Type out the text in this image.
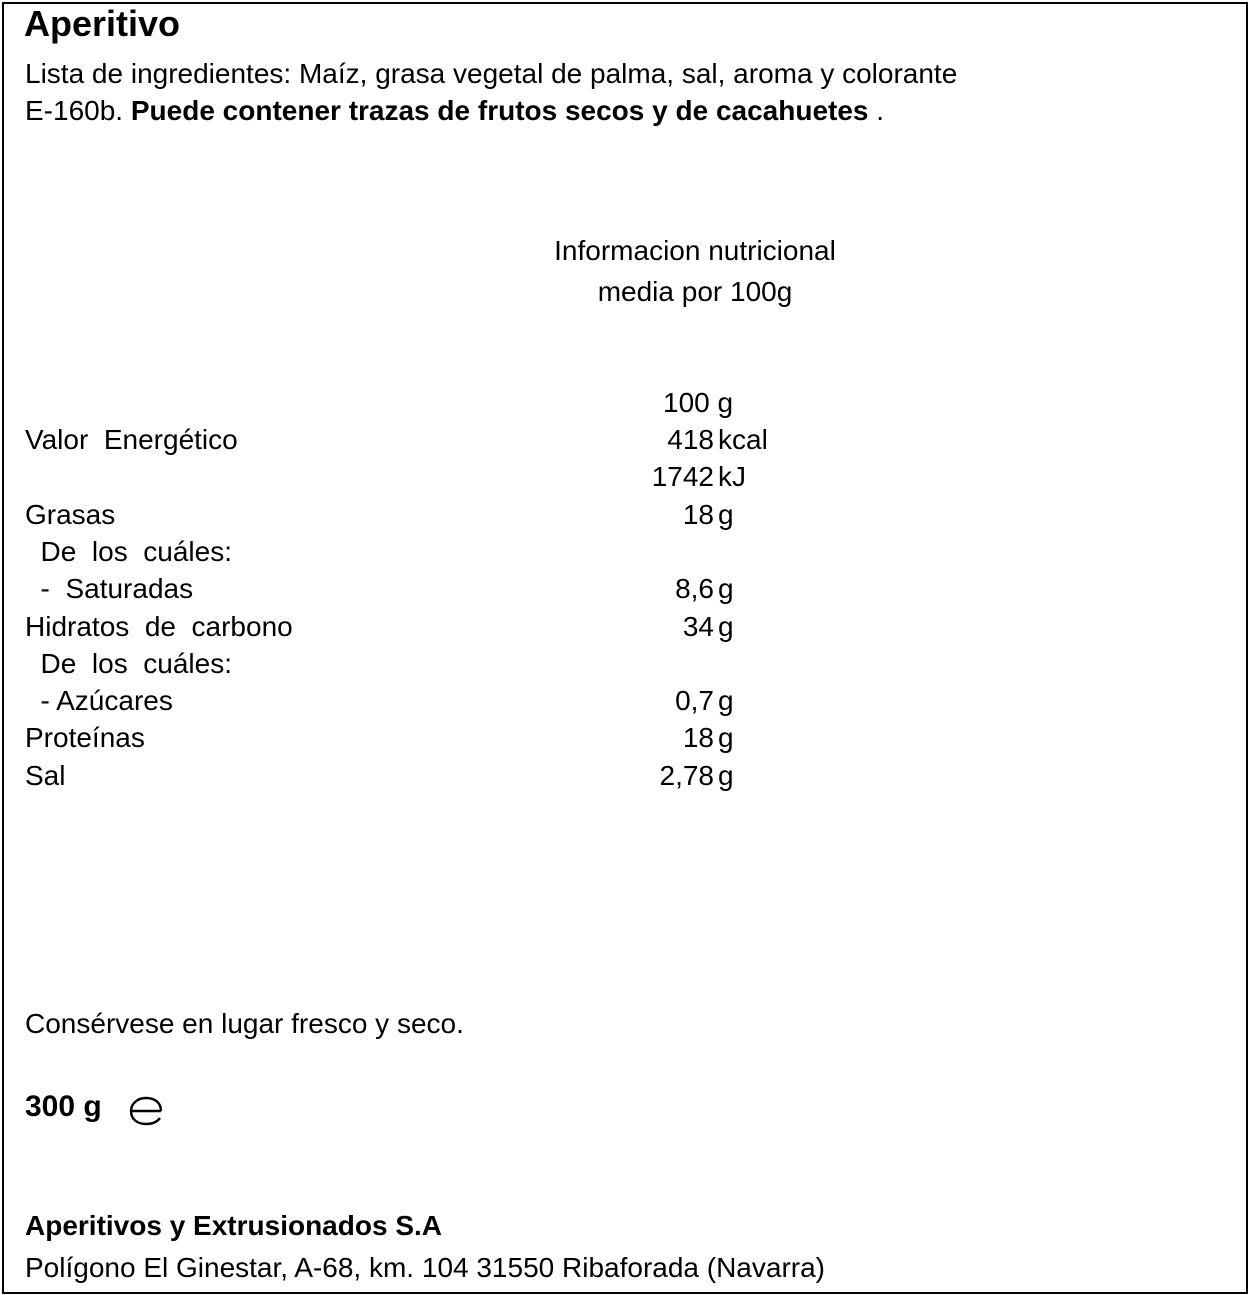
Aperitivo
Lista de ingredientes: Maíz, grasa vegetal de palma, sal, aroma y colorante
E-160b. Puede contener trazas de frutos secos y de cacahuetes .
Informacion nutricional
media por 100g
100 g
Valor  Energético	418 kcal
1742 kJ
Grasas	18 g
De  los  cuáles:
-  Saturadas	8,6 g
Hidratos  de  carbono	34 g
De  los  cuáles:
- Azúcares	0,7 g
Proteínas	18 g
Sal	2,78 g
Consérvese en lugar fresco y seco.
300 g
Aperitivos y Extrusionados S.A
Polígono El Ginestar, A-68, km. 104 31550 Ribaforada (Navarra)
